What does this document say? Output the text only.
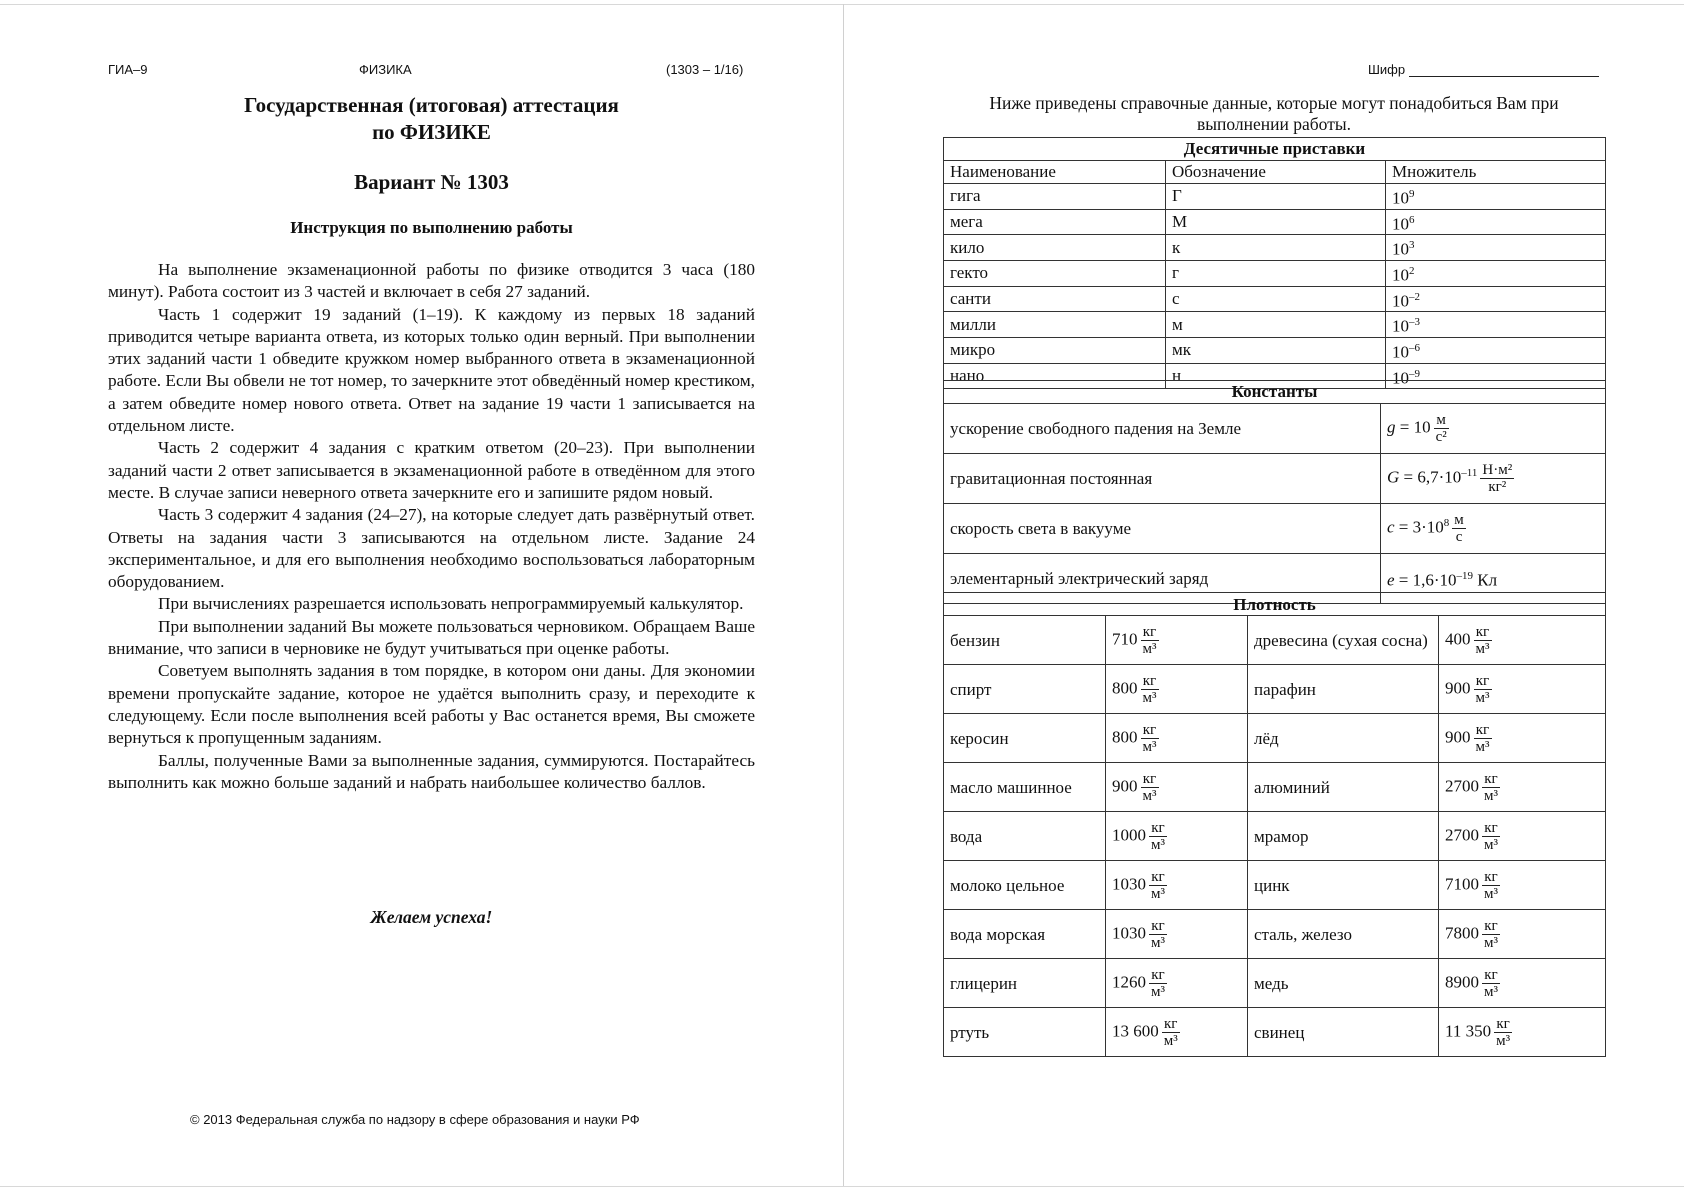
ГИА–9	ФИЗИКА	(1303 – 1/16)
Государственная (итоговая) аттестация
по ФИЗИКЕ
Вариант № 1303
Инструкция по выполнению работы

На выполнение экзаменационной работы по физике отводится 3 часа (180 минут). Работа состоит из 3 частей и включает в себя 27 заданий.

Часть 1 содержит 19 заданий (1–19). К каждому из первых 18 заданий приводится четыре варианта ответа, из которых только один верный. При выполнении этих заданий части 1 обведите кружком номер выбранного ответа в экзаменационной работе. Если Вы обвели не тот номер, то зачеркните этот обведённый номер крестиком, а затем обведите номер нового ответа. Ответ на задание 19 части 1 записывается на отдельном листе.

Часть 2 содержит 4 задания с кратким ответом (20–23). При выполнении заданий части 2 ответ записывается в экзаменационной работе в отведённом для этого месте. В случае записи неверного ответа зачеркните его и запишите рядом новый.

Часть 3 содержит 4 задания (24–27), на которые следует дать развёрнутый ответ. Ответы на задания части 3 записываются на отдельном листе. Задание 24 экспериментальное, и для его выполнения необходимо воспользоваться лабораторным оборудованием.

При вычислениях разрешается использовать непрограммируемый калькулятор.

При выполнении заданий Вы можете пользоваться черновиком. Обращаем Ваше внимание, что записи в черновике не будут учитываться при оценке работы.

Советуем выполнять задания в том порядке, в котором они даны. Для экономии времени пропускайте задание, которое не удаётся выполнить сразу, и переходите к следующему. Если после выполнения всей работы у Вас останется время, Вы сможете вернуться к пропущенным заданиям.

Баллы, полученные Вами за выполненные задания, суммируются. Постарайтесь выполнить как можно больше заданий и набрать наибольшее количество баллов.

Желаем успеха!
© 2013 Федеральная служба по надзору в сфере образования и науки РФ
Шифр
Ниже приведены справочные данные, которые могут понадобиться Вам при выполнении работы.
Десятичные приставки		
Наименование	Обозначение	Множитель
гига	Г	$10^9$
мега	М	$10^6$
кило	к	$10^3$
гекто	г	$10^2$
санти	с	$10^{-2}$
милли	м	$10^{-3}$
микро	мк	$10^{-6}$
нано	н	$10^{-9}$
Константы	
ускорение свободного падения на Земле	$g = 10 \frac{м}{\text{с²}}$

гравитационная постоянная	$G = 6,7\cdot 10^{-11} \frac{\text{Н·м²}}{\text{кг²}}$

скорость света в вакууме	$c = 3\cdot 10^8 \frac{м}{с}$

элементарный электрический заряд	$e = 1,6\cdot 10^{-19}$ Кл
Плотность			
бензин	$710 \frac{кг}{\text{м³}}$	древесина (сухая сосна)	$400 \frac{кг}{\text{м³}}$

спирт	$800 \frac{кг}{\text{м³}}$	парафин	$900 \frac{кг}{\text{м³}}$

керосин	$800 \frac{кг}{\text{м³}}$	лёд	$900 \frac{кг}{\text{м³}}$

масло машинное	$900 \frac{кг}{\text{м³}}$	алюминий	$2700 \frac{кг}{\text{м³}}$

вода	$1000 \frac{кг}{\text{м³}}$	мрамор	$2700 \frac{кг}{\text{м³}}$

молоко цельное	$1030 \frac{кг}{\text{м³}}$	цинк	$7100 \frac{кг}{\text{м³}}$

вода морская	$1030 \frac{кг}{\text{м³}}$	сталь, железо	$7800 \frac{кг}{\text{м³}}$

глицерин	$1260 \frac{кг}{\text{м³}}$	медь	$8900 \frac{кг}{\text{м³}}$

ртуть	13 $600 \frac{кг}{\text{м³}}$	свинец	11 $350 \frac{кг}{\text{м³}}$
